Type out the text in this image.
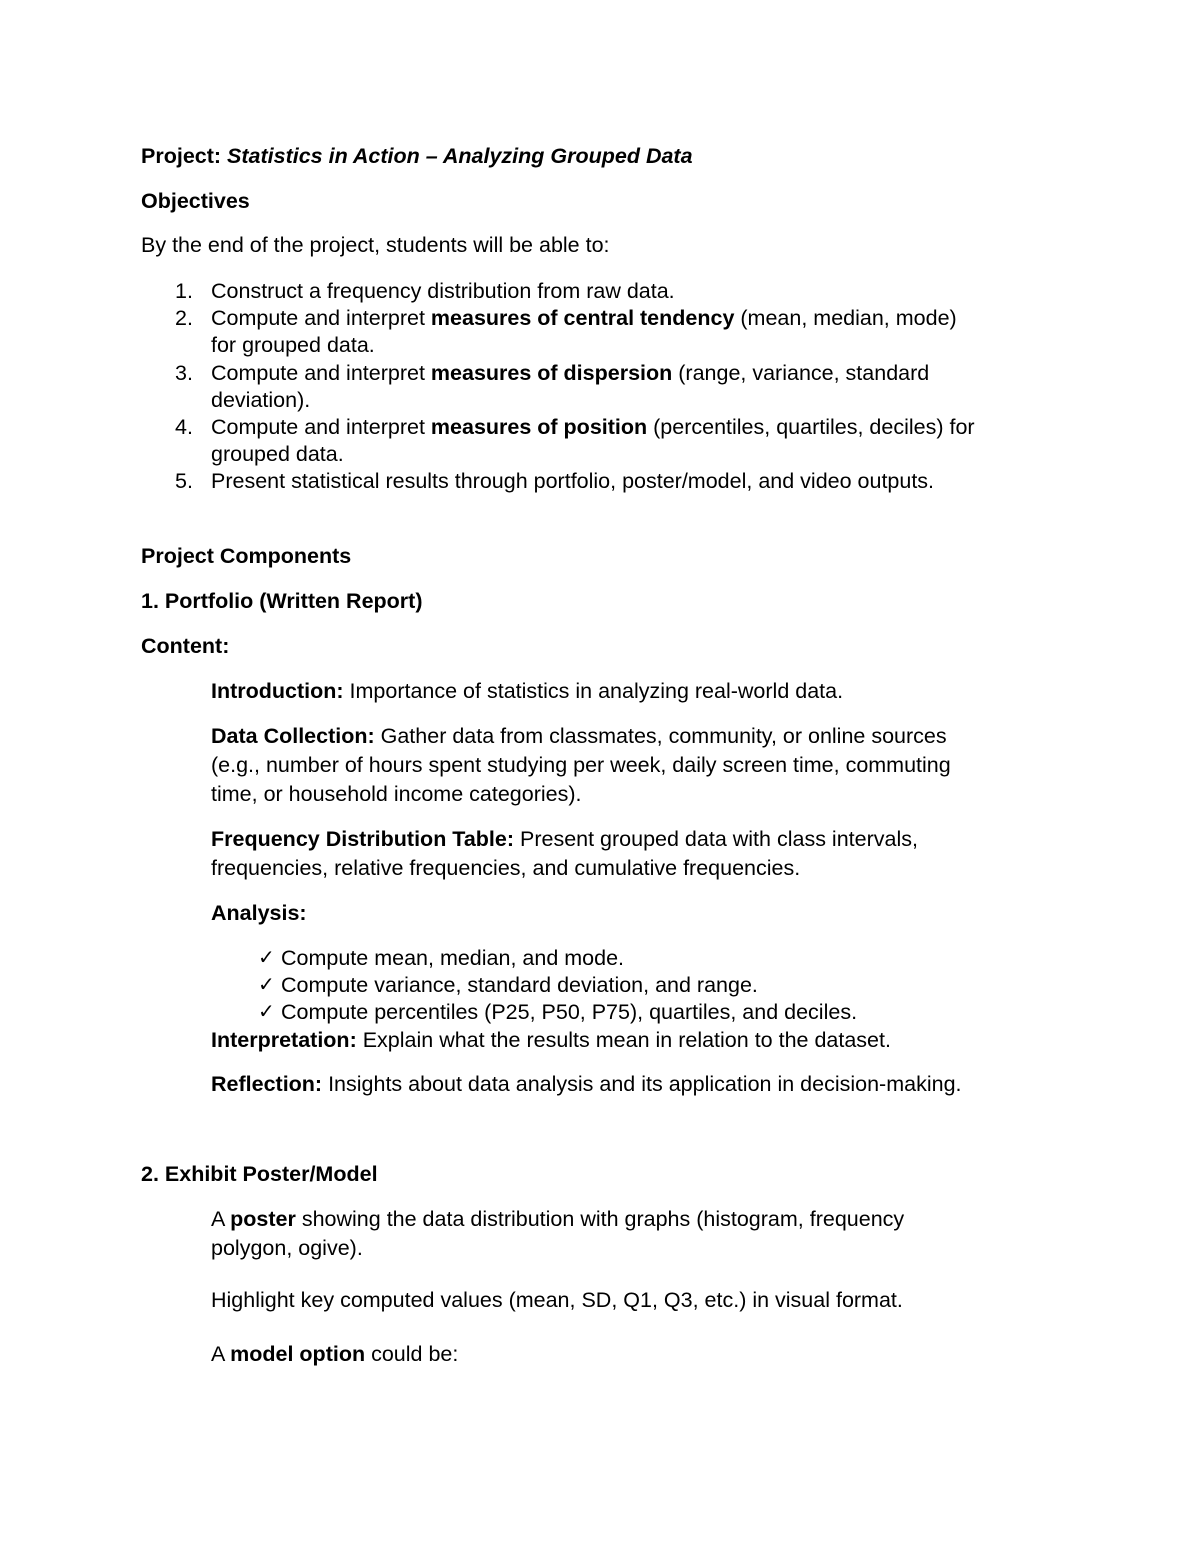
Project: Statistics in Action – Analyzing Grouped Data
Objectives
By the end of the project, students will be able to:
1. Construct a frequency distribution from raw data.
2. Compute and interpret measures of central tendency (mean, median, mode)
for grouped data.
3. Compute and interpret measures of dispersion (range, variance, standard
deviation).
4. Compute and interpret measures of position (percentiles, quartiles, deciles) for
grouped data.
5. Present statistical results through portfolio, poster/model, and video outputs.
Project Components
1. Portfolio (Written Report)
Content:
Introduction: Importance of statistics in analyzing real-world data.
Data Collection: Gather data from classmates, community, or online sources
(e.g., number of hours spent studying per week, daily screen time, commuting
time, or household income categories).
Frequency Distribution Table: Present grouped data with class intervals,
frequencies, relative frequencies, and cumulative frequencies.
Analysis:
✓ Compute mean, median, and mode.
✓ Compute variance, standard deviation, and range.
✓ Compute percentiles (P25, P50, P75), quartiles, and deciles.
Interpretation: Explain what the results mean in relation to the dataset.
Reflection: Insights about data analysis and its application in decision-making.
2. Exhibit Poster/Model
A poster showing the data distribution with graphs (histogram, frequency
polygon, ogive).
Highlight key computed values (mean, SD, Q1, Q3, etc.) in visual format.
A model option could be:
